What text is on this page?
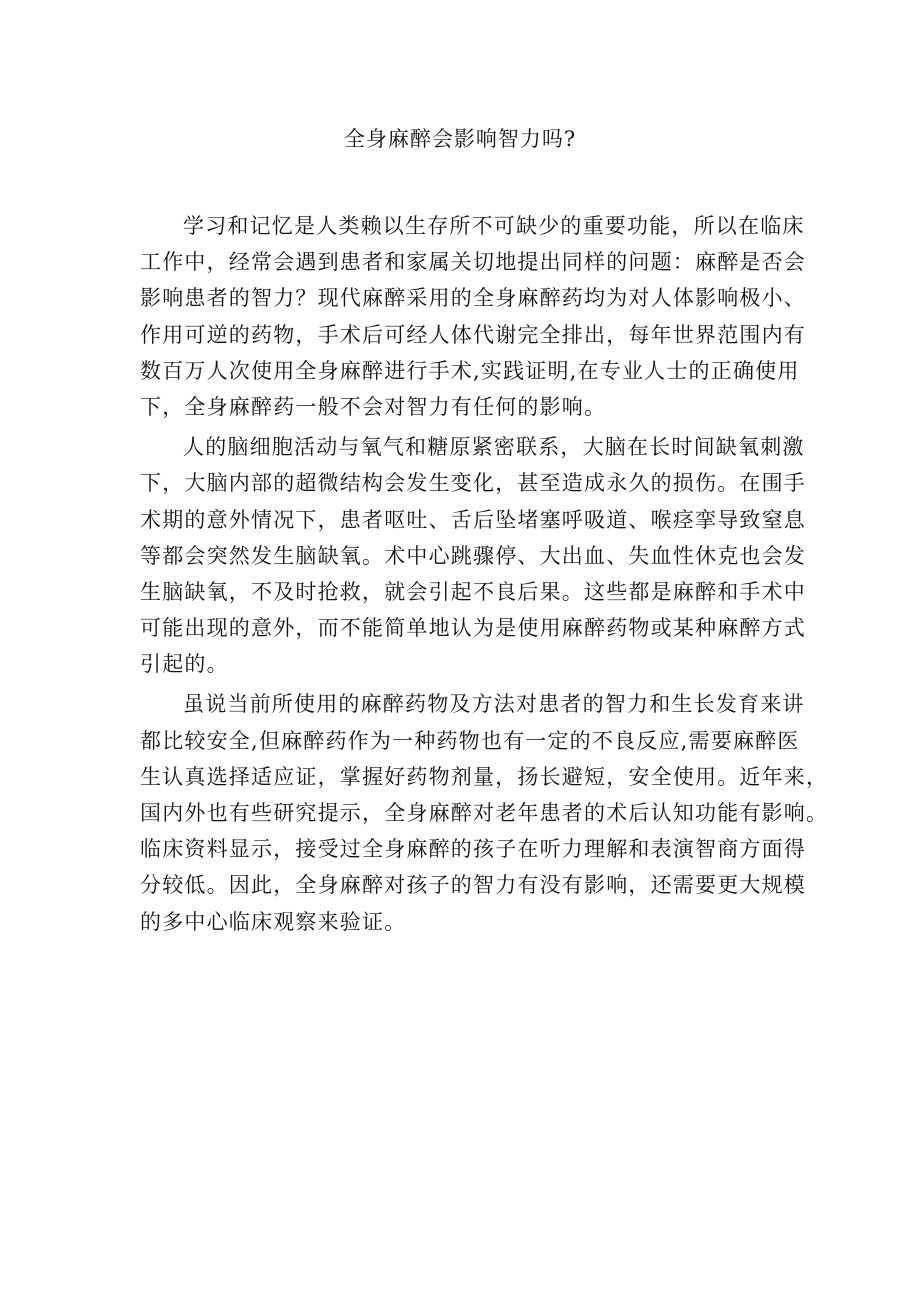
全身麻醉会影响智力吗?
学习和记忆是人类赖以生存所不可缺少的重要功能，所以在临床
工作中，经常会遇到患者和家属关切地提出同样的问题：麻醉是否会
影响患者的智力？现代麻醉采用的全身麻醉药均为对人体影响极小、
作用可逆的药物，手术后可经人体代谢完全排出，每年世界范围内有
数百万人次使用全身麻醉进行手术,实践证明,在专业人士的正确使用
下，全身麻醉药一般不会对智力有任何的影响。
人的脑细胞活动与氧气和糖原紧密联系，大脑在长时间缺氧刺激
下，大脑内部的超微结构会发生变化，甚至造成永久的损伤。在围手
术期的意外情况下，患者呕吐、舌后坠堵塞呼吸道、喉痉挛导致窒息
等都会突然发生脑缺氧。术中心跳骤停、大出血、失血性休克也会发
生脑缺氧，不及时抢救，就会引起不良后果。这些都是麻醉和手术中
可能出现的意外，而不能简单地认为是使用麻醉药物或某种麻醉方式
引起的。
虽说当前所使用的麻醉药物及方法对患者的智力和生长发育来讲
都比较安全,但麻醉药作为一种药物也有一定的不良反应,需要麻醉医
生认真选择适应证，掌握好药物剂量，扬长避短，安全使用。近年来，
国内外也有些研究提示，全身麻醉对老年患者的术后认知功能有影响。
临床资料显示，接受过全身麻醉的孩子在听力理解和表演智商方面得
分较低。因此，全身麻醉对孩子的智力有没有影响，还需要更大规模
的多中心临床观察来验证。
